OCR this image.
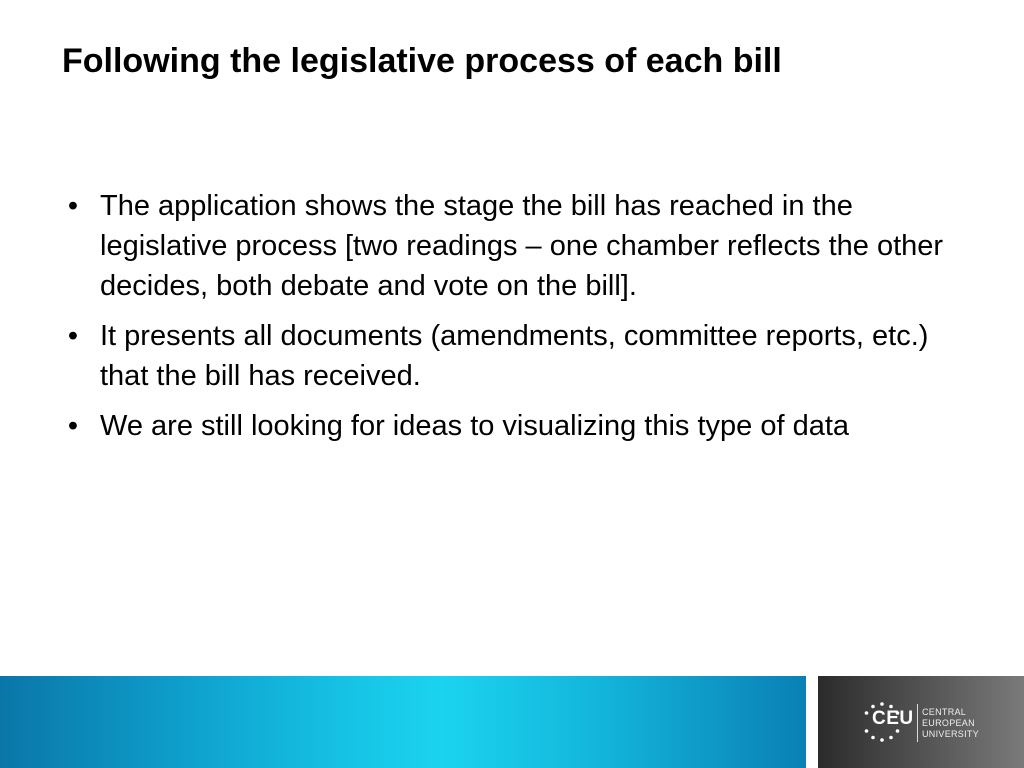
Following the legislative process of each bill
• The application shows the stage the bill has reached in the legislative process [two readings – one chamber reflects the other decides, both debate and vote on the bill].
• It presents all documents (amendments, committee reports, etc.) that the bill has received.
• We are still looking for ideas to visualizing this type of data
CEU CENTRAL
EUROPEAN
UNIVERSITY
